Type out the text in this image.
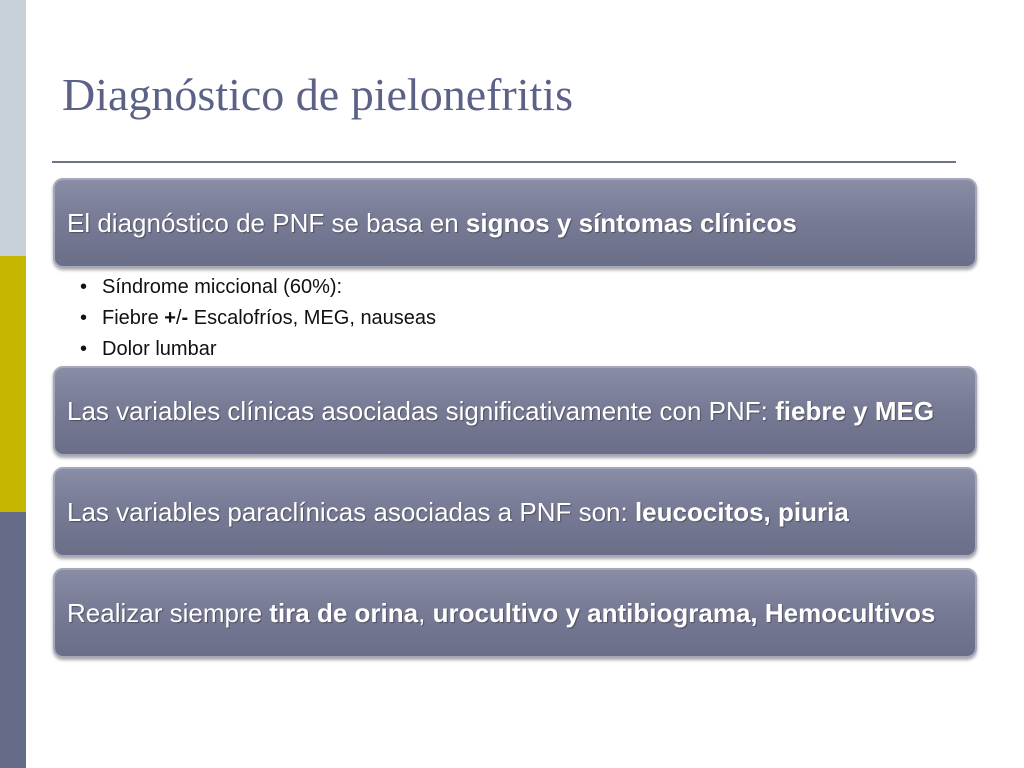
Diagnóstico de pielonefritis
El diagnóstico de PNF se basa en signos y síntomas clínicos
• Síndrome miccional (60%):
• Fiebre +/- Escalofríos, MEG, nauseas
• Dolor lumbar
Las variables clínicas asociadas significativamente con PNF: fiebre y MEG
Las variables paraclínicas asociadas a PNF son: leucocitos, piuria
Realizar siempre tira de orina, urocultivo y antibiograma, Hemocultivos
